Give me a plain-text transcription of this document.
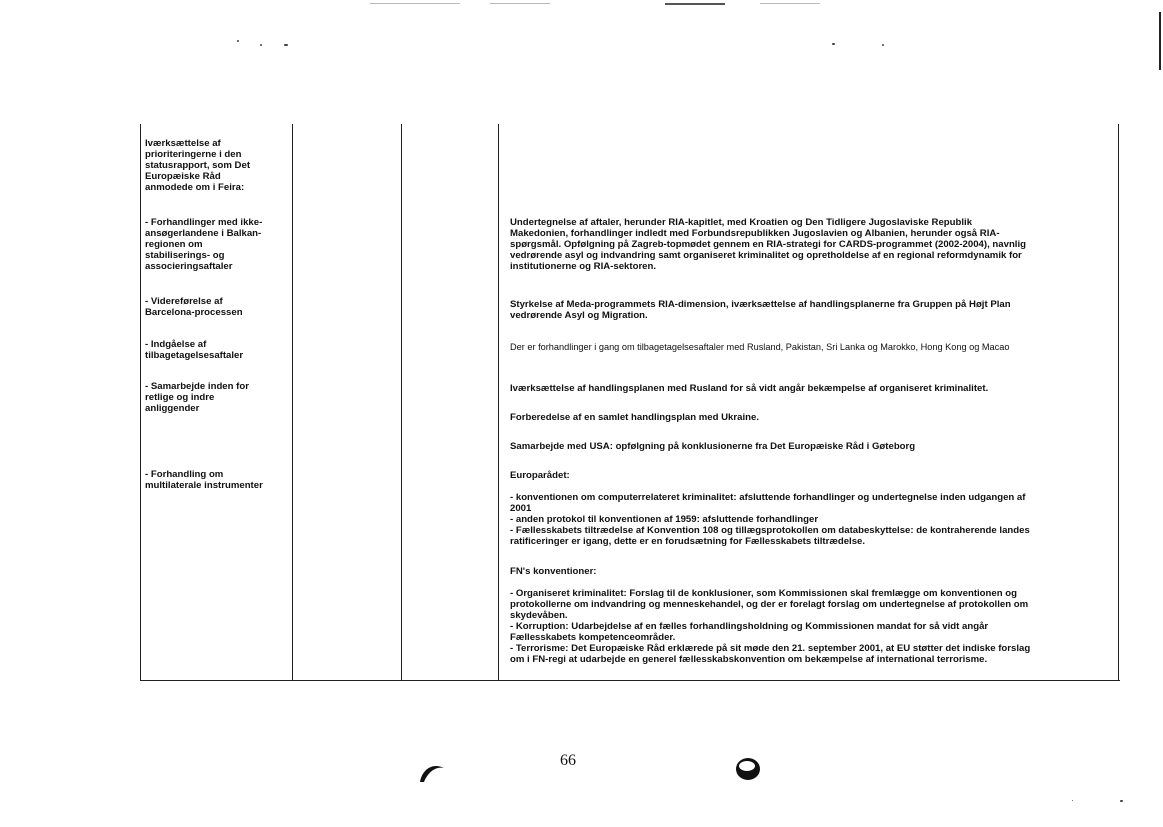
Iværksættelse af
prioriteringerne i den
statusrapport, som Det
Europæiske Råd
anmodede om i Feira:
- Forhandlinger med ikke-
ansøgerlandene i Balkan-
regionen om
stabiliserings- og
associeringsaftaler
- Videreførelse af
Barcelona-processen
- Indgåelse af
tilbagetagelsesaftaler
- Samarbejde inden for
retlige og indre
anliggender
- Forhandling om
multilaterale instrumenter
Undertegnelse af aftaler, herunder RIA-kapitlet, med Kroatien og Den Tidligere Jugoslaviske Republik
Makedonien, forhandlinger indledt med Forbundsrepublikken Jugoslavien og Albanien, herunder også RIA-
spørgsmål. Opfølgning på Zagreb-topmødet gennem en RIA-strategi for CARDS-programmet (2002-2004), navnlig
vedrørende asyl og indvandring samt organiseret kriminalitet og opretholdelse af en regional reformdynamik for
institutionerne og RIA-sektoren.
Styrkelse af Meda-programmets RIA-dimension, iværksættelse af handlingsplanerne fra Gruppen på Højt Plan
vedrørende Asyl og Migration.
Der er forhandlinger i gang om tilbagetagelsesaftaler med Rusland, Pakistan, Sri Lanka og Marokko, Hong Kong og Macao
Iværksættelse af handlingsplanen med Rusland for så vidt angår bekæmpelse af organiseret kriminalitet.
Forberedelse af en samlet handlingsplan med Ukraine.
Samarbejde med USA: opfølgning på konklusionerne fra Det Europæiske Råd i Gøteborg
Europarådet:
- konventionen om computerrelateret kriminalitet: afsluttende forhandlinger og undertegnelse inden udgangen af
2001
- anden protokol til konventionen af 1959: afsluttende forhandlinger
- Fællesskabets tiltrædelse af Konvention 108 og tillægsprotokollen om databeskyttelse: de kontraherende landes
ratificeringer er igang, dette er en forudsætning for Fællesskabets tiltrædelse.
FN's konventioner:
- Organiseret kriminalitet: Forslag til de konklusioner, som Kommissionen skal fremlægge om konventionen og
protokollerne om indvandring og menneskehandel, og der er forelagt forslag om undertegnelse af protokollen om
skydevåben.
- Korruption: Udarbejdelse af en fælles forhandlingsholdning og Kommissionen mandat for så vidt angår
Fællesskabets kompetenceområder.
- Terrorisme: Det Europæiske Råd erklærede på sit møde den 21. september 2001, at EU støtter det indiske forslag
om i FN-regi at udarbejde en generel fællesskabskonvention om bekæmpelse af international terrorisme.
66
